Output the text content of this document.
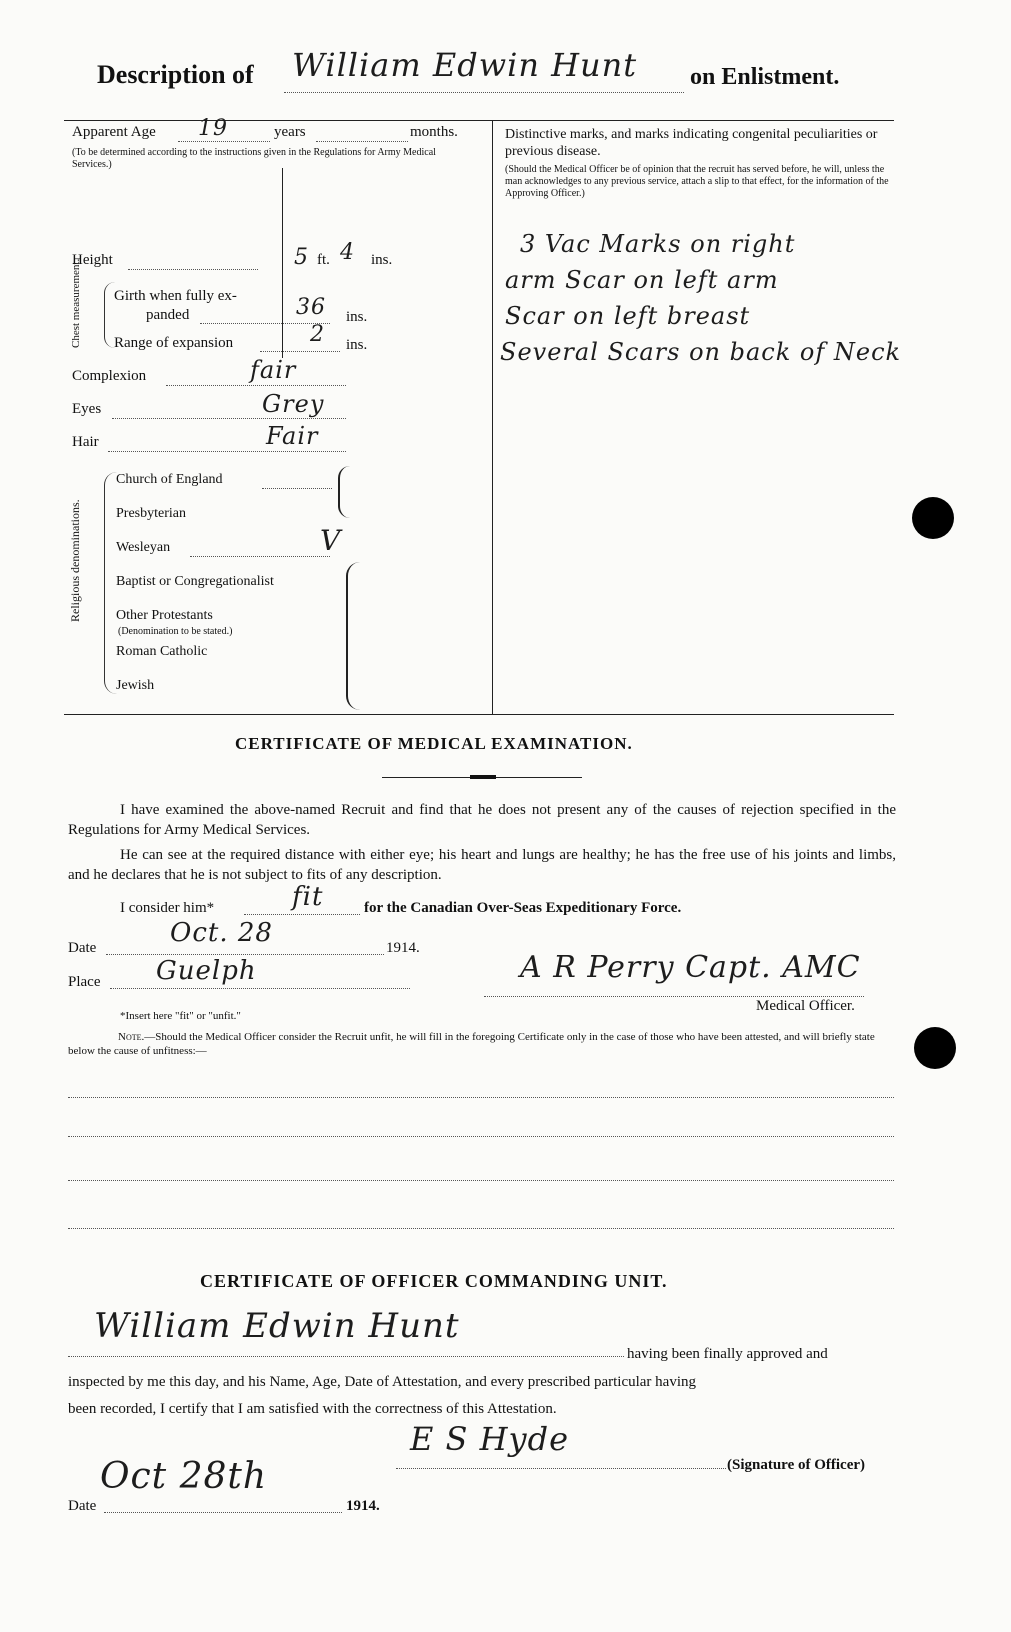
Description of William Edwin Hunt on Enlistment.
Apparent Age 19	years	months.
(To be determined according to the instructions given in the Regulations for Army Medical Services.)
Height	5 ft. 4 ins.
Chest measurement. Girth when fully ex-
panded	36 ins.
Range of expansion	2 ins.
Complexion	fair
Eyes	Grey
Hair	Fair
Religious denominations.
Church of England
Presbyterian
Wesleyan	V
Baptist or Congregationalist
Other Protestants
(Denomination to be stated.)
Roman Catholic
Jewish
Distinctive marks, and marks indicating congenital peculiarities or previous disease.
(Should the Medical Officer be of opinion that the recruit has served before, he will, unless the man acknowledges to any previous service, attach a slip to that effect, for the information of the Approving Officer.)
3 Vac Marks on right
arm Scar on left arm
Scar on left breast
Several Scars on back of Neck
CERTIFICATE OF MEDICAL EXAMINATION.
I have examined the above-named Recruit and find that he does not present any of the causes of rejection specified in the Regulations for Army Medical Services.
He can see at the required distance with either eye; his heart and lungs are healthy; he has the free use of his joints and limbs, and he declares that he is not subject to fits of any description.
I consider him*	fit	for the Canadian Over-Seas Expeditionary Force.
Date	Oct. 28	1914.
Place Guelph	A R Perry Capt. AMC
Medical Officer.
*Insert here "fit" or "unfit."
Note.—Should the Medical Officer consider the Recruit unfit, he will fill in the foregoing Certificate only in the case of those who have been attested, and will briefly state below the cause of unfitness:—
CERTIFICATE OF OFFICER COMMANDING UNIT.
William Edwin Hunt
having been finally approved and
inspected by me this day, and his Name, Age, Date of Attestation, and every prescribed particular having
been recorded, I certify that I am satisfied with the correctness of this Attestation.
E S Hyde
(Signature of Officer)
Oct 28th
Date	1914.
